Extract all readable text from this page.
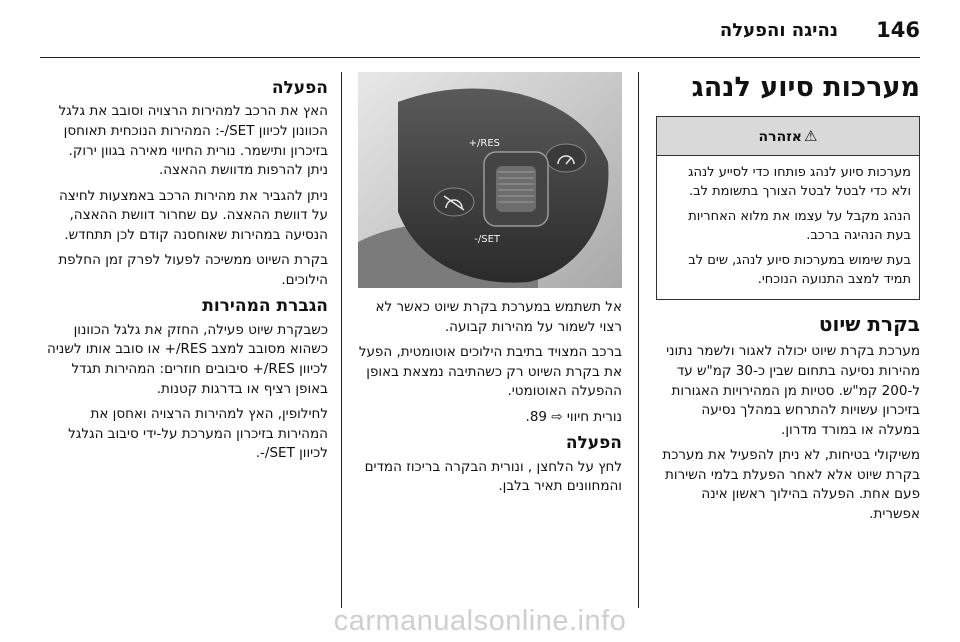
146
נהיגה והפעלה
מערכות סיוע לנהג
⚠אזהרה

מערכות סיוע לנהג פותחו כדי לסייע לנהג ולא כדי לבטל לבטל הצורך בתשומת לב.

הנהג מקבל על עצמו את מלוא האחריות בעת הנהיגה ברכב.

בעת שימוש במערכות סיוע לנהג, שים לב תמיד למצב התנועה הנוכחי.

בקרת שיוט

מערכת בקרת שיוט יכולה לאגור ולשמר נתוני מהירות נסיעה בתחום שבין כ-30 קמ"ש עד ל-200 קמ"ש. סטיות מן המהירויות האגורות בזיכרון עשויות להתרחש במהלך נסיעה במעלה או במורד מדרון.

משיקולי בטיחות, לא ניתן להפעיל את מערכת בקרת שיוט אלא לאחר הפעלת בלמי השירות פעם אחת. הפעלה בהילוך ראשון אינה אפשרית.

RES/+
SET/-

אל תשתמש במערכת בקרת שיוט כאשר לא רצוי לשמור על מהירות קבועה.

ברכב המצויד בתיבת הילוכים אוטומטית, הפעל את בקרת השיוט רק כשהתיבה נמצאת באופן ההפעלה האוטומטי.

נורית חיווי ⇨ 89.

הפעלה

לחץ על הלחצן , ונורית הבקרה בריכוז המדים והמחוונים תאיר בלבן.

הפעלה

האץ את הרכב למהירות הרצויה וסובב את גלגל הכוונון לכיוון SET/-: המהירות הנוכחית תאוחסן בזיכרון ותישמר. נורית החיווי מאירה בגוון ירוק. ניתן להרפות מדוושת ההאצה.

ניתן להגביר את מהירות הרכב באמצעות לחיצה על דוושת ההאצה. עם שחרור דוושת ההאצה, הנסיעה במהירות שאוחסנה קודם לכן תתחדש.

בקרת השיוט ממשיכה לפעול לפרק זמן החלפת הילוכים.

הגברת המהירות

כשבקרת שיוט פעילה, החזק את גלגל הכוונון כשהוא מסובב למצב RES/+ או סובב אותו לשניה לכיוון RES/+ סיבובים חוזרים: המהירות תגדל באופן רציף או בדרגות קטנות.

לחילופין, האץ למהירות הרצויה ואחסן את המהירות בזיכרון המערכת על-ידי סיבוב הגלגל לכיוון SET/-.

carmanualsonline.info
